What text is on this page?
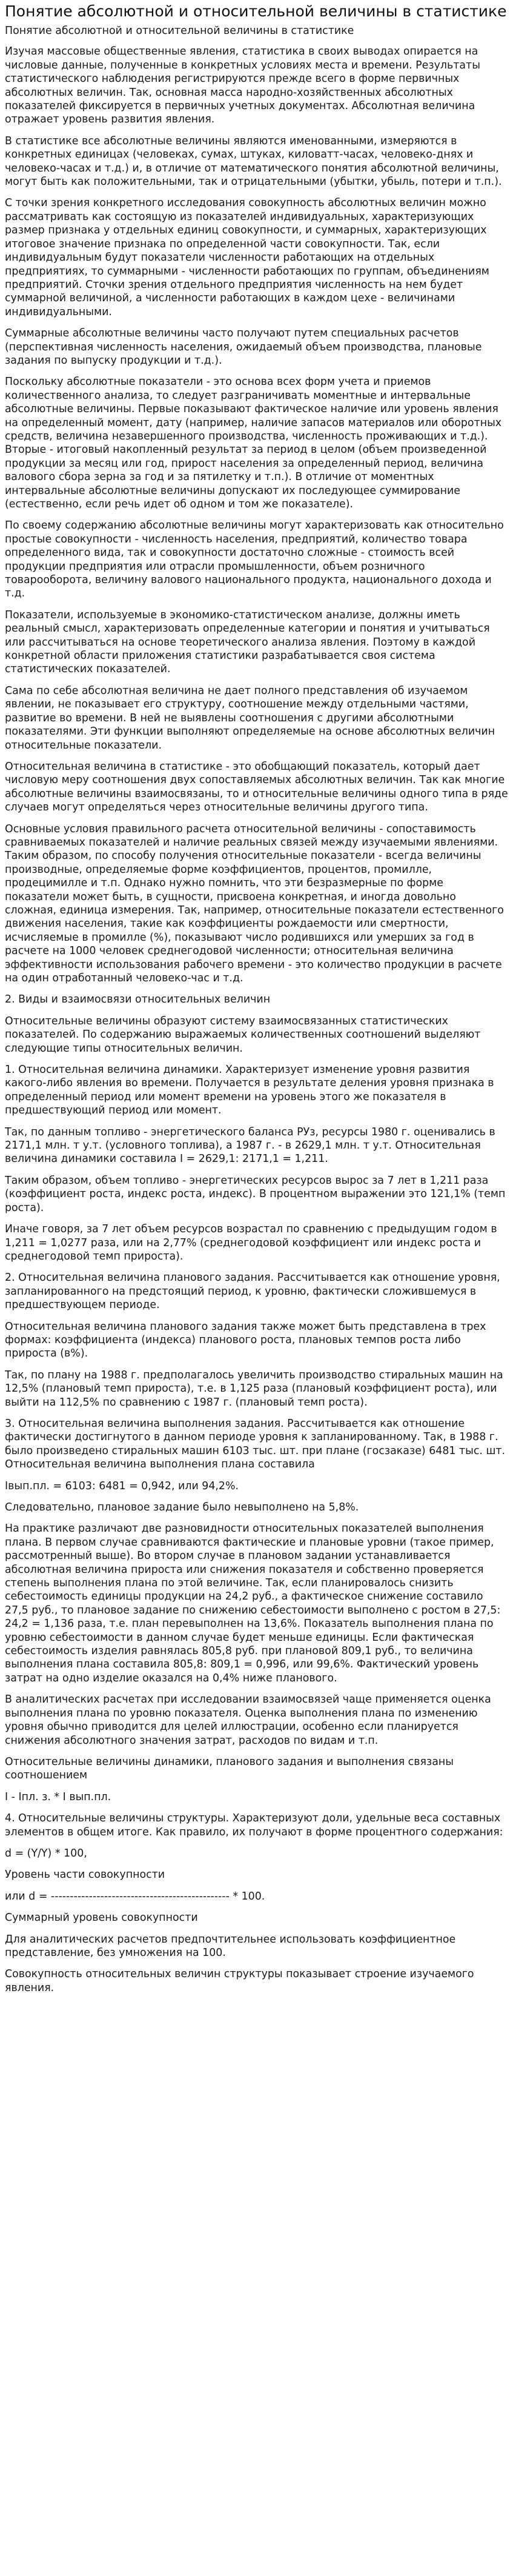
Понятие абсолютной и относительной величины в статистике

Понятие абсолютной и относительной величины в статистике

Изучая массовые общественные явления, статистика в своих выводах опирается на числовые данные, полученные в конкретных условиях места и времени. Результаты статистического наблюдения регистрируются прежде всего в форме первичных абсолютных величин. Так, основная масса народно-хозяйственных абсолютных показателей фиксируется в первичных учетных документах. Абсолютная величина отражает уровень развития явления.

В статистике все абсолютные величины являются именованными, измеряются в конкретных единицах (человеках, сумах, штуках, киловатт-часах, человеко-днях и человеко-часах и т.д.) и, в отличие от математического понятия абсолютной величины, могут быть как положительными, так и отрицательными (убытки, убыль, потери и т.п.).

С точки зрения конкретного исследования совокупность абсолютных величин можно рассматривать как состоящую из показателей индивидуальных, характеризующих размер признака у отдельных единиц совокупности, и суммарных, характеризующих итоговое значение признака по определенной части совокупности. Так, если индивидуальным будут показатели численности работающих на отдельных предприятиях, то суммарными - численности работающих по группам, объединениям предприятий. Сточки зрения отдельного предприятия численность на нем будет суммарной величиной, а численности работающих в каждом цехе - величинами индивидуальными.

Суммарные абсолютные величины часто получают путем специальных расчетов (перспективная численность населения, ожидаемый объем производства, плановые задания по выпуску продукции и т.д.).

Поскольку абсолютные показатели - это основа всех форм учета и приемов количественного анализа, то следует разграничивать моментные и интервальные абсолютные величины. Первые показывают фактическое наличие или уровень явления на определенный момент, дату (например, наличие запасов материалов или оборотных средств, величина незавершенного производства, численность проживающих и т.д.). Вторые - итоговый накопленный результат за период в целом (объем произведенной продукции за месяц или год, прирост населения за определенный период, величина валового сбора зерна за год и за пятилетку и т.п.). В отличие от моментных интервальные абсолютные величины допускают их последующее суммирование (естественно, если речь идет об одном и том же показателе).

По своему содержанию абсолютные величины могут характеризовать как относительно простые совокупности - численность населения, предприятий, количество товара определенного вида, так и совокупности достаточно сложные - стоимость всей продукции предприятия или отрасли промышленности, объем розничного товарооборота, величину валового национального продукта, национального дохода и т.д.

Показатели, используемые в экономико-статистическом анализе, должны иметь реальный смысл, характеризовать определенные категории и понятия и учитываться или рассчитываться на основе теоретического анализа явления. Поэтому в каждой конкретной области приложения статистики разрабатывается своя система статистических показателей.

Сама по себе абсолютная величина не дает полного представления об изучаемом явлении, не показывает его структуру, соотношение между отдельными частями, развитие во времени. В ней не выявлены соотношения с другими абсолютными показателями. Эти функции выполняют определяемые на основе абсолютных величин относительные показатели.

Относительная величина в статистике - это обобщающий показатель, который дает числовую меру соотношения двух сопоставляемых абсолютных величин. Так как многие абсолютные величины взаимосвязаны, то и относительные величины одного типа в ряде случаев могут определяться через относительные величины другого типа.

Основные условия правильного расчета относительной величины - сопоставимость сравниваемых показателей и наличие реальных связей между изучаемыми явлениями. Таким образом, по способу получения относительные показатели - всегда величины производные, определяемые форме коэффициентов, процентов, промилле, продецимилле и т.п. Однако нужно помнить, что эти безразмерные по форме показатели может быть, в сущности, присвоена конкретная, и иногда довольно сложная, единица измерения. Так, например, относительные показатели естественного движения населения, такие как коэффициенты рождаемости или смертности, исчисляемые в промилле (%), показывают число родившихся или умерших за год в расчете на 1000 человек среднегодовой численности; относительная величина эффективности использования рабочего времени - это количество продукции в расчете на один отработанный человеко-час и т.д.

2. Виды и взаимосвязи относительных величин

Относительные величины образуют систему взаимосвязанных статистических показателей. По содержанию выражаемых количественных соотношений выделяют следующие типы относительных величин.

1. Относительная величина динамики. Характеризует изменение уровня развития какого-либо явления во времени. Получается в результате деления уровня признака в определенный период или момент времени на уровень этого же показателя в предшествующий период или момент.

Так, по данным топливо - энергетического баланса РУз, ресурсы 1980 г. оценивались в 2171,1 млн. т у.т. (условного топлива), а 1987 г. - в 2629,1 млн. т у.т. Относительная величина динамики составила I = 2629,1: 2171,1 = 1,211.

Таким образом, объем топливо - энергетических ресурсов вырос за 7 лет в 1,211 раза (коэффициент роста, индекс роста, индекс). В процентном выражении это 121,1% (темп роста).

Иначе говоря, за 7 лет объем ресурсов возрастал по сравнению с предыдущим годом в 1,211 = 1,0277 раза, или на 2,77% (среднегодовой коэффициент или индекс роста и среднегодовой темп прироста).

2. Относительная величина планового задания. Рассчитывается как отношение уровня, запланированного на предстоящий период, к уровню, фактически сложившемуся в предшествующем периоде.

Относительная величина планового задания также может быть представлена в трех формах: коэффициента (индекса) планового роста, плановых темпов роста либо прироста (в%).

Так, по плану на 1988 г. предполагалось увеличить производство стиральных машин на 12,5% (плановый темп прироста), т.е. в 1,125 раза (плановый коэффициент роста), или выйти на 112,5% по сравнению с 1987 г. (плановый темп роста).

3. Относительная величина выполнения задания. Рассчитывается как отношение фактически достигнутого в данном периоде уровня к запланированному. Так, в 1988 г. было произведено стиральных машин 6103 тыс. шт. при плане (госзаказе) 6481 тыс. шт. Относительная величина выполнения плана составила

Iвып.пл. = 6103: 6481 = 0,942, или 94,2%.

Следовательно, плановое задание было невыполнено на 5,8%.

На практике различают две разновидности относительных показателей выполнения плана. В первом случае сравниваются фактические и плановые уровни (такое пример, рассмотренный выше). Во втором случае в плановом задании устанавливается абсолютная величина прироста или снижения показателя и собственно проверяется степень выполнения плана по этой величине. Так, если планировалось снизить себестоимость единицы продукции на 24,2 руб., а фактическое снижение составило 27,5 руб., то плановое задание по снижению себестоимости выполнено с ростом в 27,5: 24,2 = 1,136 раза, т.е. план перевыполнен на 13,6%. Показатель выполнения плана по уровню себестоимости в данном случае будет меньше единицы. Если фактическая себестоимость изделия равнялась 805,8 руб. при плановой 809,1 руб., то величина выполнения плана составила 805,8: 809,1 = 0,996, или 99,6%. Фактический уровень затрат на одно изделие оказался на 0,4% ниже планового.

В аналитических расчетах при исследовании взаимосвязей чаще применяется оценка выполнения плана по уровню показателя. Оценка выполнения плана по изменению уровня обычно приводится для целей иллюстрации, особенно если планируется снижения абсолютного значения затрат, расходов по видам и т.п.

Относительные величины динамики, планового задания и выполнения связаны соотношением

I - Iпл. з. * I вып.пл.

4. Относительные величины структуры. Характеризуют доли, удельные веса составных элементов в общем итоге. Как правило, их получают в форме процентного содержания:

d = (Y/Y) * 100,

Уровень части совокупности

или d = ----------------------------------------------- * 100.

Суммарный уровень совокупности

Для аналитических расчетов предпочтительнее использовать коэффициентное представление, без умножения на 100.

Совокупность относительных величин структуры показывает строение изучаемого явления.
